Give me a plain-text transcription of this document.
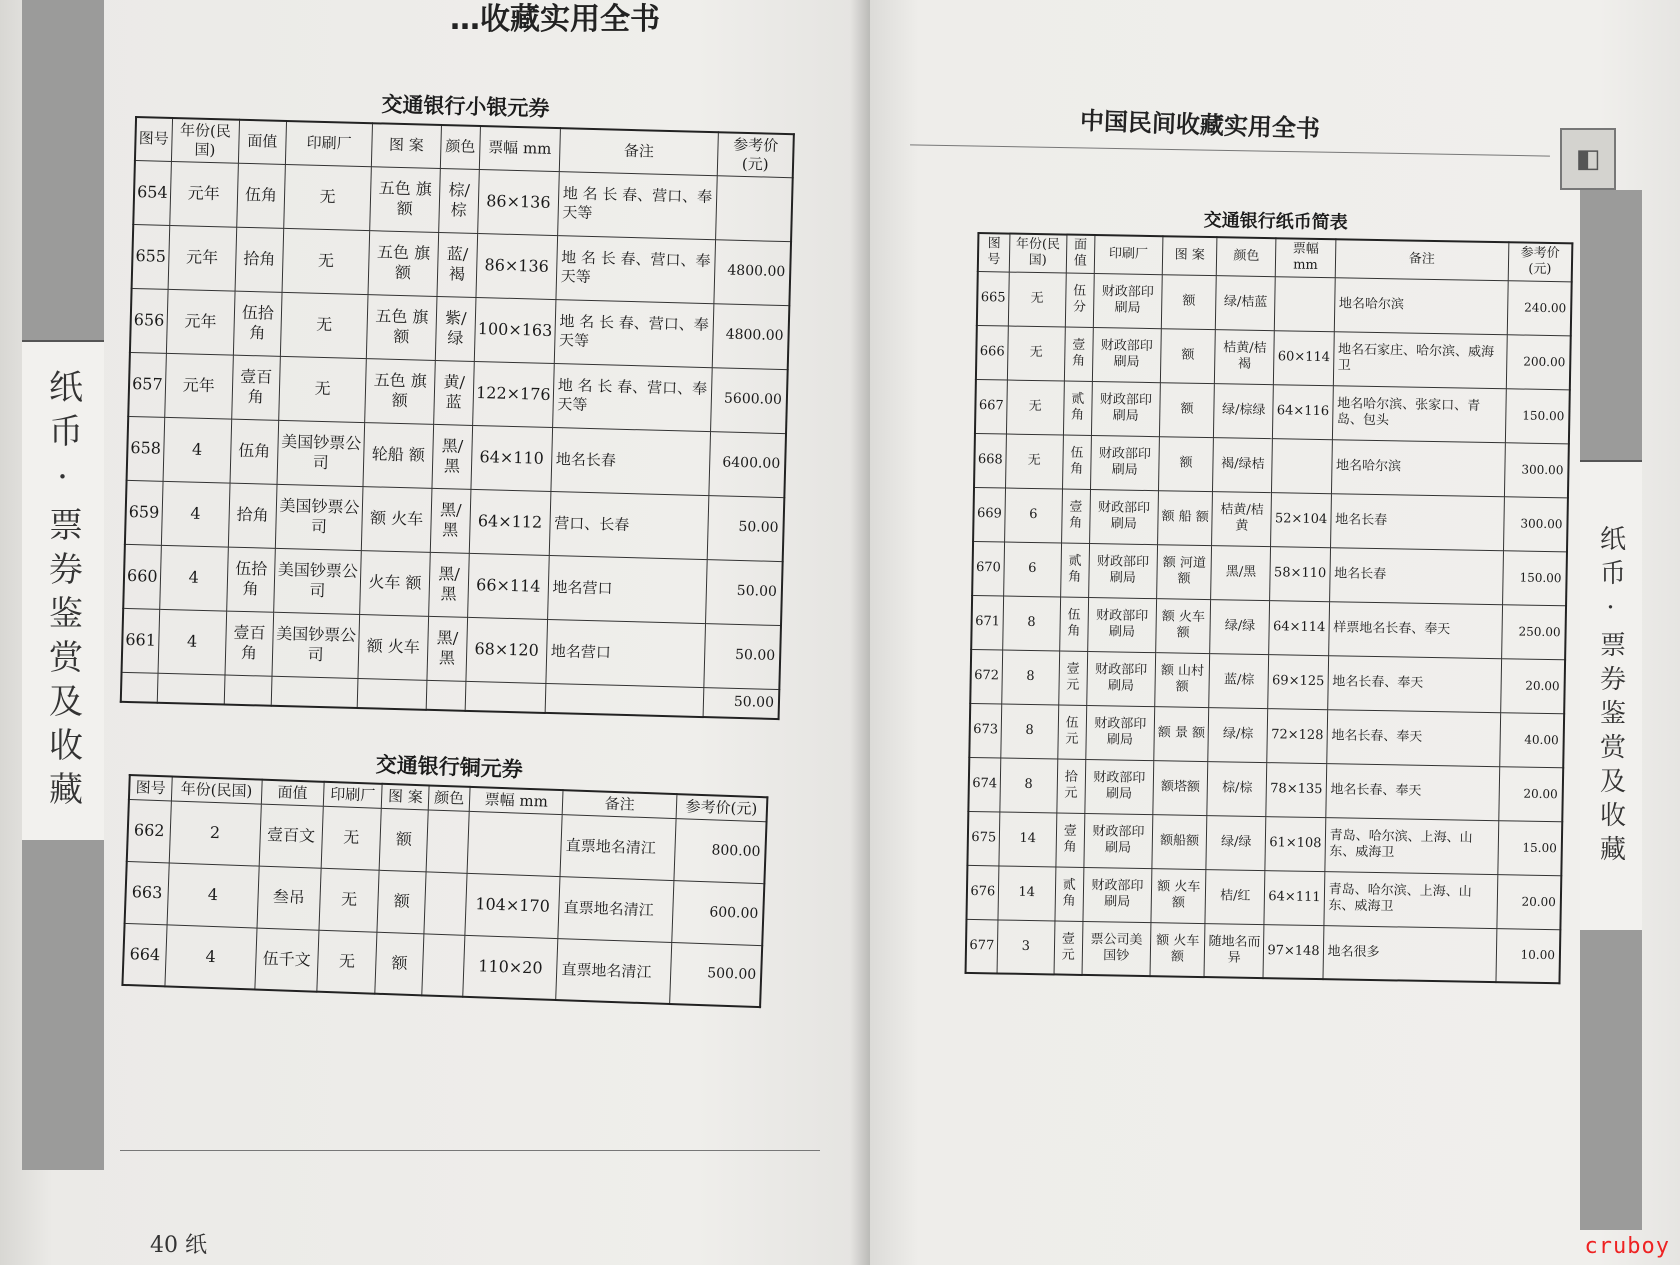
纸币·票券鉴赏及收藏
…收藏实用全书
交通银行小银元券
图号	年份(民国)	面值	印刷厂	图 案	颜色	票幅 mm	备注	参考价(元)
654	元年	伍角	无	五色 旗 额	棕/棕	86×136	地 名 长 春、营口、奉天等	
655	元年	拾角	无	五色 旗 额	蓝/褐	86×136	地 名 长 春、营口、奉天等	4800.00
656	元年	伍拾角	无	五色 旗 额	紫/绿	100×163	地 名 长 春、营口、奉天等	4800.00
657	元年	壹百角	无	五色 旗 额	黄/蓝	122×176	地 名 长 春、营口、奉天等	5600.00
658	4	伍角	美国钞票公司	轮船 额	黑/黑	64×110	地名长春	6400.00
659	4	拾角	美国钞票公司	额 火车	黑/黑	64×112	营口、长春	50.00
660	4	伍拾角	美国钞票公司	火车 额	黑/黑	66×114	地名营口	50.00
661	4	壹百角	美国钞票公司	额 火车	黑/黑	68×120	地名营口	50.00
								50.00
交通银行铜元券
图号	年份(民国)	面值	印刷厂	图 案	颜色	票幅 mm	备注	参考价(元)
662	2	壹百文	无	额			直票地名清江	800.00
663	4	叁吊	无	额		104×170	直票地名清江	600.00
664	4	伍千文	无	额		110×20	直票地名清江	500.00
40 纸
中国民间收藏实用全书
◧
纸币·票券鉴赏及收藏
交通银行纸币简表
图号	年份(民国)	面值	印刷厂	图 案	颜色	票幅 mm	备注	参考价(元)
665	无	伍分	财政部印刷局	额	绿/桔蓝		地名哈尔滨	240.00
666	无	壹角	财政部印刷局	额	桔黄/桔褐	60×114	地名石家庄、哈尔滨、威海卫	200.00
667	无	贰角	财政部印刷局	额	绿/棕绿	64×116	地名哈尔滨、张家口、青岛、包头	150.00
668	无	伍角	财政部印刷局	额	褐/绿桔		地名哈尔滨	300.00
669	6	壹角	财政部印刷局	额 船 额	桔黄/桔黄	52×104	地名长春	300.00
670	6	贰角	财政部印刷局	额 河道 额	黑/黑	58×110	地名长春	150.00
671	8	伍角	财政部印刷局	额 火车 额	绿/绿	64×114	样票地名长春、奉天	250.00
672	8	壹元	财政部印刷局	额 山村 额	蓝/棕	69×125	地名长春、奉天	20.00
673	8	伍元	财政部印刷局	额 景 额	绿/棕	72×128	地名长春、奉天	40.00
674	8	拾元	财政部印刷局	额塔额	棕/棕	78×135	地名长春、奉天	20.00
675	14	壹角	财政部印刷局	额船额	绿/绿	61×108	青岛、哈尔滨、上海、山东、威海卫	15.00
676	14	贰角	财政部印刷局	额 火车 额	桔/红	64×111	青岛、哈尔滨、上海、山东、威海卫	20.00
677	3	壹元	票公司美国钞	额 火车 额	随地名而异	97×148	地名很多	10.00
cruboy
